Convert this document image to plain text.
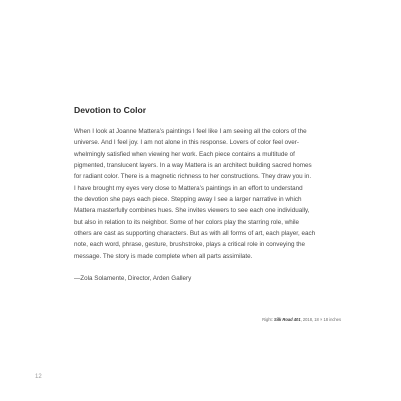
Devotion to Color
When I look at Joanne Mattera’s paintings I feel like I am seeing all the colors of the
universe. And I feel joy. I am not alone in this response. Lovers of color feel over-
whelmingly satisfied when viewing her work. Each piece contains a multitude of
pigmented, translucent layers. In a way Mattera is an architect building sacred homes
for radiant color. There is a magnetic richness to her constructions. They draw you in.
I have brought my eyes very close to Mattera’s paintings in an effort to understand
the devotion she pays each piece. Stepping away I see a larger narrative in which
Mattera masterfully combines hues. She invites viewers to see each one individually,
but also in relation to its neighbor. Some of her colors play the starring role, while
others are cast as supporting characters. But as with all forms of art, each player, each
note, each word, phrase, gesture, brushstroke, plays a critical role in conveying the
message. The story is made complete when all parts assimilate.
—Zola Solamente, Director, Arden Gallery
Right: Silk Road 401, 2018, 18 × 18 inches
12
